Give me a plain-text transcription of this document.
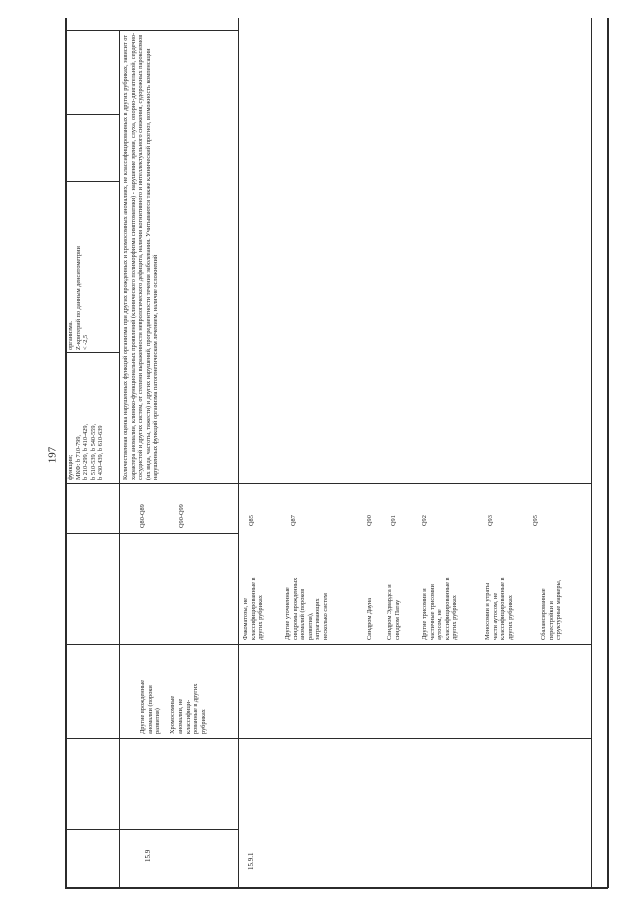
197
15.9
Другие врожденные
аномалии (пороки
развития)

Хромосомные
аномалии, не
классифици-
рованные в других
рубриках
Q80-Q89	Q90-Q99
функции;
МКФ: b 710-799,
b 210-299, b 410-429,
b 510-539, b 540-559,
b 430-439, b 610-639
организма.
Z-критерий по данным денситометрии
< -2,5	Количественная оценка нарушенных функций организма при других врожденных и хромосомных аномалиях, не классифицированных в других рубриках, зависит от характера аномалии, клинико-функциональных проявлений (клинического полиморфизма симптоматики) - нарушение зрения, слуха, опорно-двигательной, сердечно-сосудистой и других систем, от степени выраженности неврологического дефицита, наличия когнитивного и интеллектуального снижения, судорожных пароксизмов (их вида, частоты, тяжести) и других нарушений, прогредиентности течения заболевания. Учитываются также клинический прогноз, возможность компенсации нарушенных функций организма патогенетическим лечением, наличие осложнений
15.9.1
Факоматозы, не
классифицированные в
других рубриках
Q85
Другие уточненные
синдромы врожденных
аномалий (пороков
развития),
затрагивающих
несколько систем
Q87
Синдром Дауна
Q90
Синдром Эдвардса и
синдром Патау
Q91
Другие трисомии и
частичные трисомии
аутосом, не
классифицированные в
других рубриках
Q92
Моносомии и утраты
части аутосом, не
классифицированные в
других рубриках
Q93
Сбалансированные
перестройки и
структурные маркеры,
Q95
